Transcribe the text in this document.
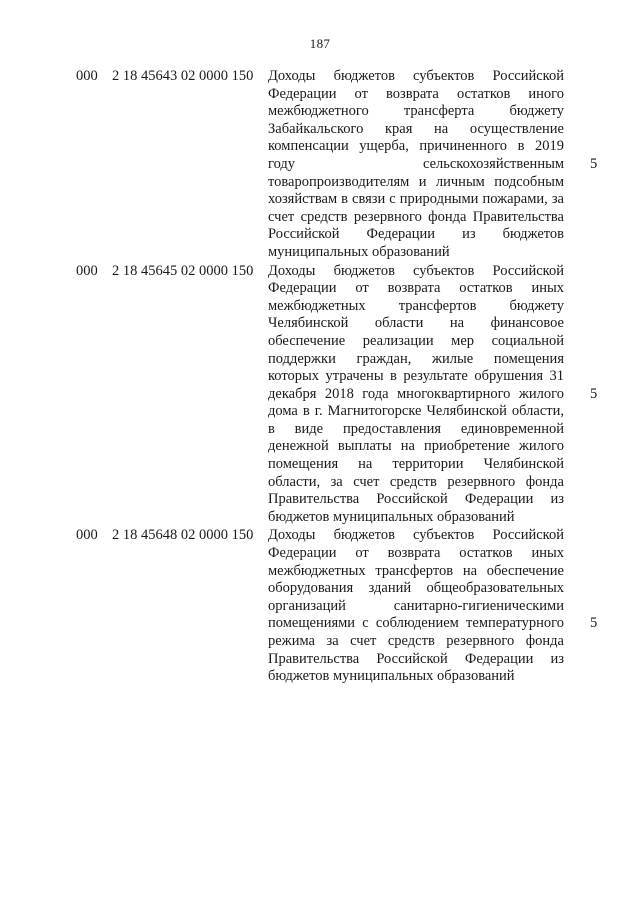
187
000 2 18 45643 02 0000 150	Доходы бюджетов субъектов Российской Федерации от возврата остатков иного межбюджетного трансферта бюджету Забайкальского края на осуществление компенсации ущерба, причиненного в 2019 году сельскохозяйственным товаропроизводителям и личным подсобным хозяйствам в связи с природными пожарами, за счет средств резервного фонда Правительства Российской Федерации из бюджетов муниципальных образований
5
000 2 18 45645 02 0000 150	Доходы бюджетов субъектов Российской Федерации от возврата остатков иных межбюджетных трансфертов бюджету Челябинской области на финансовое обеспечение реализации мер социальной поддержки граждан, жилые помещения которых утрачены в результате обрушения 31 декабря 2018 года многоквартирного жилого дома в г. Магнитогорске Челябинской области, в виде предоставления единовременной денежной выплаты на приобретение жилого помещения на территории Челябинской области, за счет средств резервного фонда Правительства Российской Федерации из бюджетов муниципальных образований
5
000 2 18 45648 02 0000 150	Доходы бюджетов субъектов Российской Федерации от возврата остатков иных межбюджетных трансфертов на обеспечение оборудования зданий общеобразовательных организаций санитарно-гигиеническими помещениями с соблюдением температурного режима за счет средств резервного фонда Правительства Российской Федерации из бюджетов муниципальных образований
5
